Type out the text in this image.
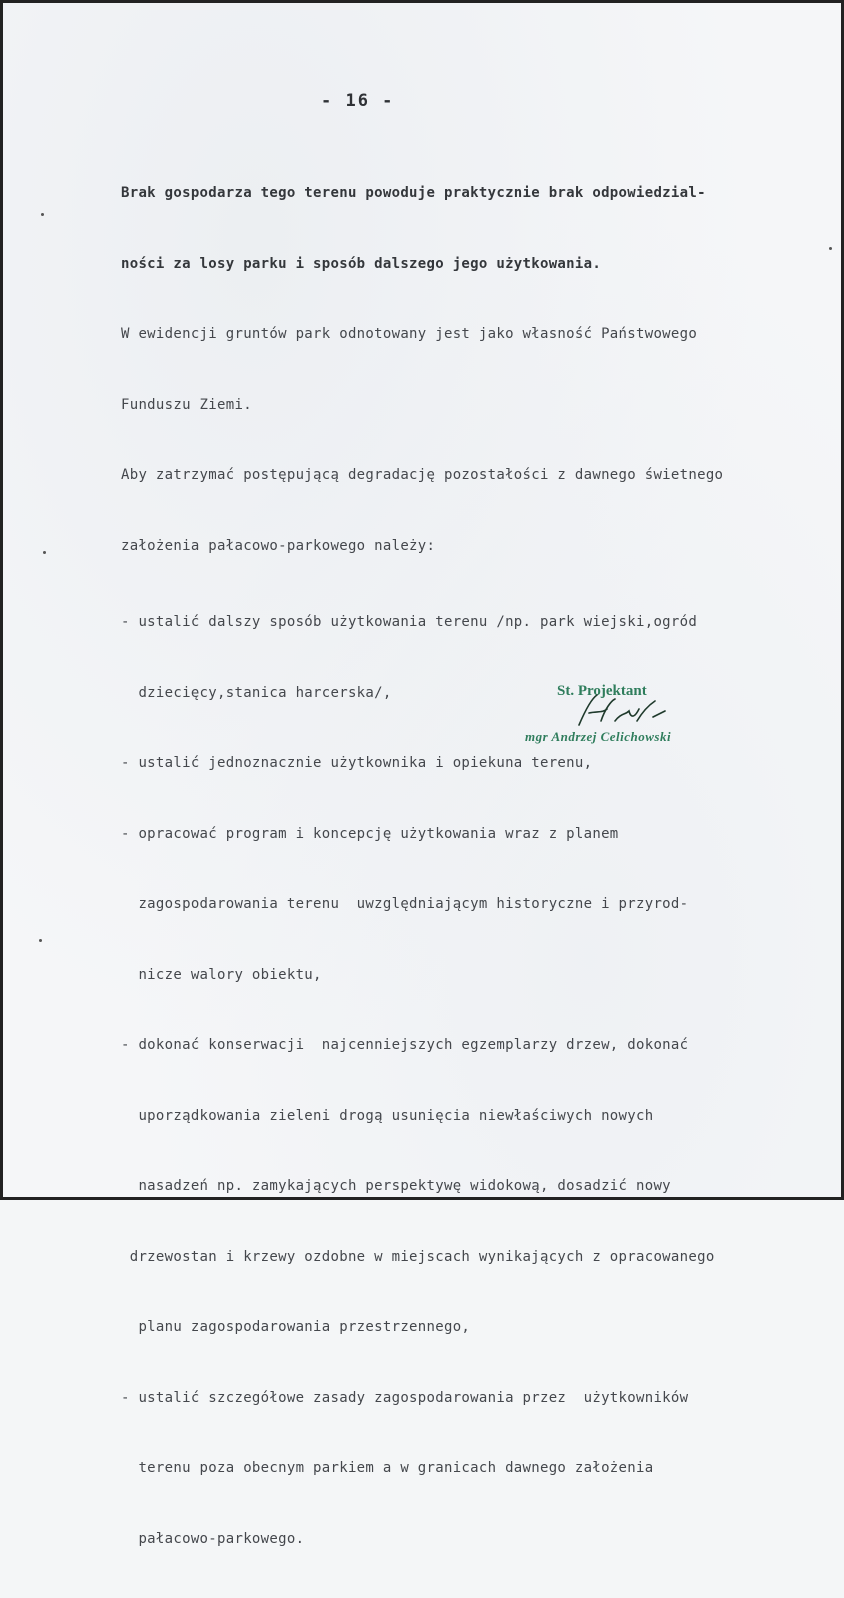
- 16 -

Brak gospodarza tego terenu powoduje praktycznie brak odpowiedzial-

ności za losy parku i sposób dalszego jego użytkowania.

W ewidencji gruntów park odnotowany jest jako własność Państwowego

Funduszu Ziemi.

Aby zatrzymać postępującą degradację pozostałości z dawnego świetnego

założenia pałacowo-parkowego należy:

- ustalić dalszy sposób użytkowania terenu /np. park wiejski,ogród

dziecięcy,stanica harcerska/,

- ustalić jednoznacznie użytkownika i opiekuna terenu,

- opracować program i koncepcję użytkowania wraz z planem

zagospodarowania terenu  uwzględniającym historyczne i przyrod-

nicze walory obiektu,

- dokonać konserwacji  najcenniejszych egzemplarzy drzew, dokonać

uporządkowania zieleni drogą usunięcia niewłaściwych nowych

nasadzeń np. zamykających perspektywę widokową, dosadzić nowy

drzewostan i krzewy ozdobne w miejscach wynikających z opracowanego

planu zagospodarowania przestrzennego,

- ustalić szczegółowe zasady zagospodarowania przez  użytkowników

terenu poza obecnym parkiem a w granicach dawnego założenia

pałacowo-parkowego.

St. Projektant
mgr Andrzej Celichowski
